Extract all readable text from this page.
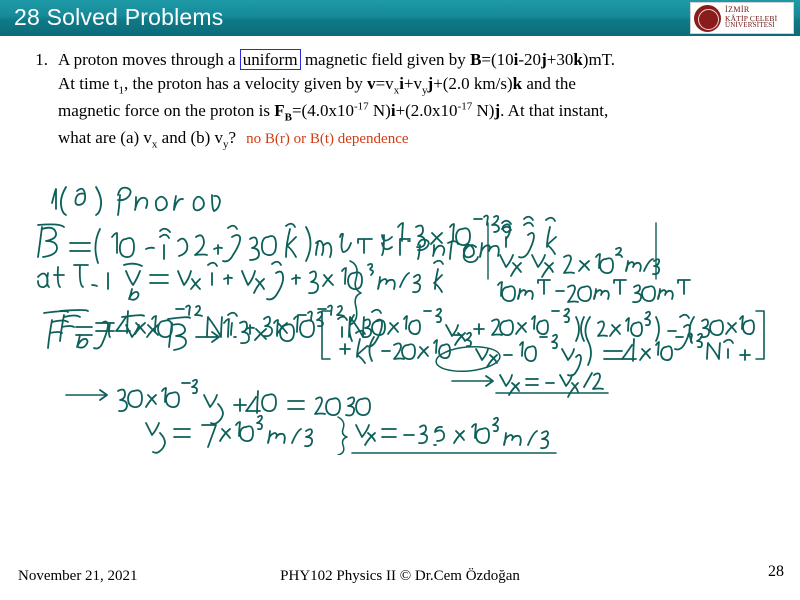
28 Solved Problems	İZMİR
KÂTİP ÇELEBİ
ÜNİVERSİTESİ
1. A proton moves through a uniform magnetic field given by B=(10i-20j+30k)mT.
At time $t_1$, the proton has a velocity given by $v=v_xi+v_yj+(2.0$ km/s)k and the
magnetic force on the proton is $F_B=(4.0x10^{-17}$ $N)i+(2.0x10^{-17}$ N)j. At that instant,
what are (a) $v_x$ and (b) $v_y$? no B(r) or B(t) dependence
November 21, 2021	PHY102 Physics II © Dr.Cem Özdoğan	28
